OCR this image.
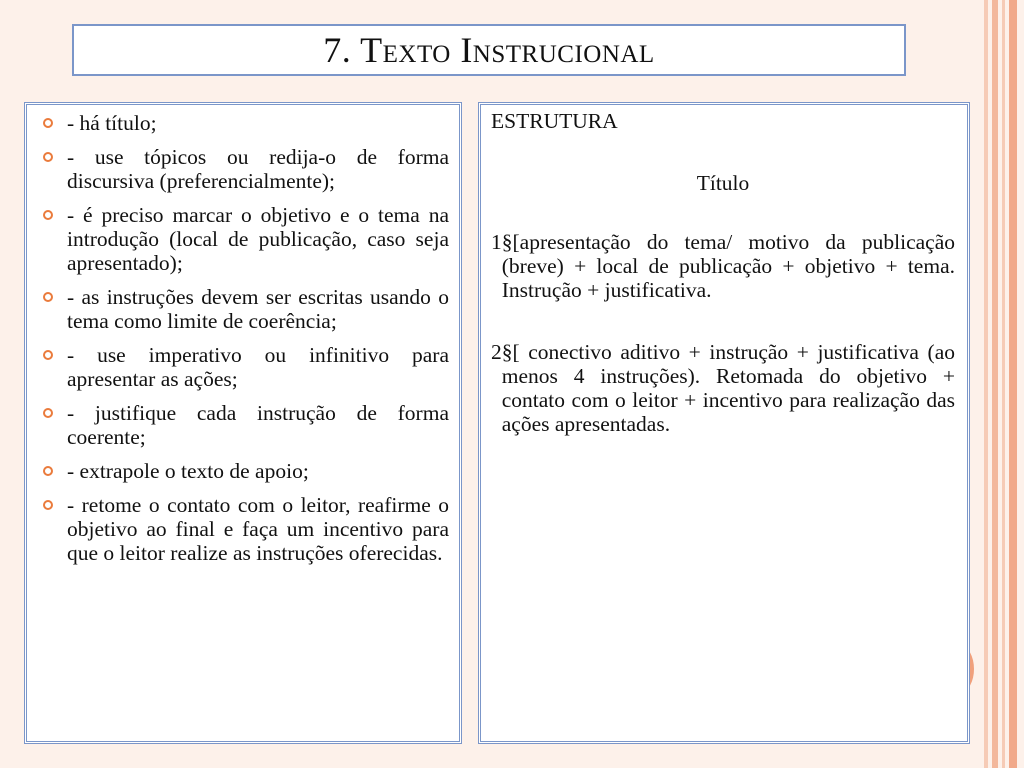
7. Texto Instrucional
- há título;
- use tópicos ou redija-o de forma discursiva (preferencialmente);
- é preciso marcar o objetivo e o tema na introdução (local de publicação, caso seja apresentado);
- as instruções devem ser escritas usando o tema como limite de coerência;
- use imperativo ou infinitivo para apresentar as ações;
- justifique cada instrução de forma coerente;
- extrapole o texto de apoio;
- retome o contato com o leitor, reafirme o objetivo ao final e faça um incentivo para que o leitor realize as instruções oferecidas.

ESTRUTURA

Título

1 §[apresentação do tema/ motivo da publicação (breve) + local de publicação + objetivo + tema. Instrução + justificativa.
2 §[ conectivo aditivo + instrução + justificativa (ao menos 4 instruções). Retomada do objetivo + contato com o leitor + incentivo para realização das ações apresentadas.
